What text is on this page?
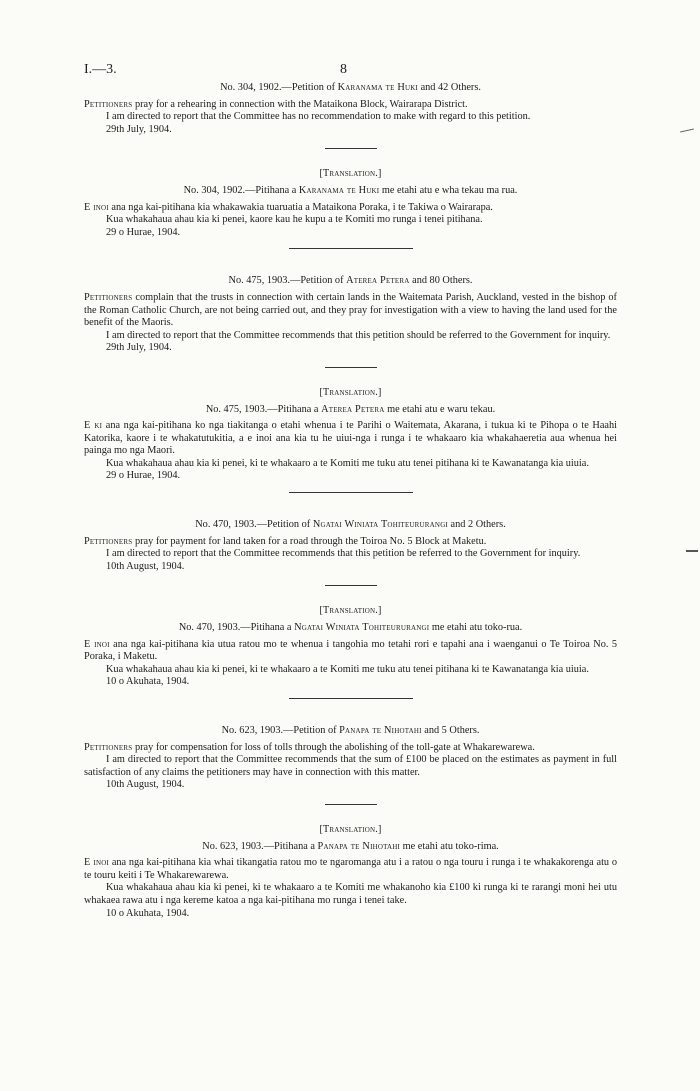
I.—3.	8
No. 304, 1902.—Petition of Karanama te Huki and 42 Others.

Petitioners pray for a rehearing in connection with the Mataikona Block, Wairarapa District.

I am directed to report that the Committee has no recommendation to make with regard to this petition.

29th July, 1904.
[Translation.]
No. 304, 1902.—Pitihana a Karanama te Huki me etahi atu e wha tekau ma rua.

E inoi ana nga kai-pitihana kia whakawakia tuaruatia a Mataikona Poraka, i te Takiwa o Wairarapa.

Kua whakahaua ahau kia ki penei, kaore kau he kupu a te Komiti mo runga i tenei pitihana.

29 o Hurae, 1904.
No. 475, 1903.—Petition of Aterea Petera and 80 Others.

Petitioners complain that the trusts in connection with certain lands in the Waitemata Parish, Auckland, vested in the bishop of the Roman Catholic Church, are not being carried out, and they pray for investigation with a view to having the land used for the benefit of the Maoris.

I am directed to report that the Committee recommends that this petition should be referred to the Government for inquiry.

29th July, 1904.
[Translation.]
No. 475, 1903.—Pitihana a Aterea Petera me etahi atu e waru tekau.

E ki ana nga kai-pitihana ko nga tiakitanga o etahi whenua i te Parihi o Waitemata, Akarana, i tukua ki te Pihopa o te Haahi Katorika, kaore i te whakatutukitia, a e inoi ana kia tu he uiui-nga i runga i te whakaaro kia whakahaeretia aua whenua hei painga mo nga Maori.

Kua whakahaua ahau kia ki penei, ki te whakaaro a te Komiti me tuku atu tenei pitihana ki te Kawanatanga kia uiuia.

29 o Hurae, 1904.
No. 470, 1903.—Petition of Ngatai Winiata Tohiteururangi and 2 Others.

Petitioners pray for payment for land taken for a road through the Toiroa No. 5 Block at Maketu.

I am directed to report that the Committee recommends that this petition be referred to the Government for inquiry.

10th August, 1904.
[Translation.]
No. 470, 1903.—Pitihana a Ngatai Winiata Tohiteururangi me etahi atu toko-rua.

E inoi ana nga kai-pitihana kia utua ratou mo te whenua i tangohia mo tetahi rori e tapahi ana i waenganui o Te Toiroa No. 5 Poraka, i Maketu.

Kua whakahaua ahau kia ki penei, ki te whakaaro a te Komiti me tuku atu tenei pitihana ki te Kawanatanga kia uiuia.

10 o Akuhata, 1904.
No. 623, 1903.—Petition of Panapa te Nihotahi and 5 Others.

Petitioners pray for compensation for loss of tolls through the abolishing of the toll-gate at Whakarewarewa.

I am directed to report that the Committee recommends that the sum of £100 be placed on the estimates as payment in full satisfaction of any claims the petitioners may have in connection with this matter.

10th August, 1904.
[Translation.]
No. 623, 1903.—Pitihana a Panapa te Nihotahi me etahi atu toko-rima.

E inoi ana nga kai-pitihana kia whai tikangatia ratou mo te ngaromanga atu i a ratou o nga touru i runga i te whakakorenga atu o te touru keiti i Te Whakarewarewa.

Kua whakahaua ahau kia ki penei, ki te whakaaro a te Komiti me whakanoho kia £100 ki runga ki te rarangi moni hei utu whakaea rawa atu i nga kereme katoa a nga kai-pitihana mo runga i tenei take.

10 o Akuhata, 1904.
